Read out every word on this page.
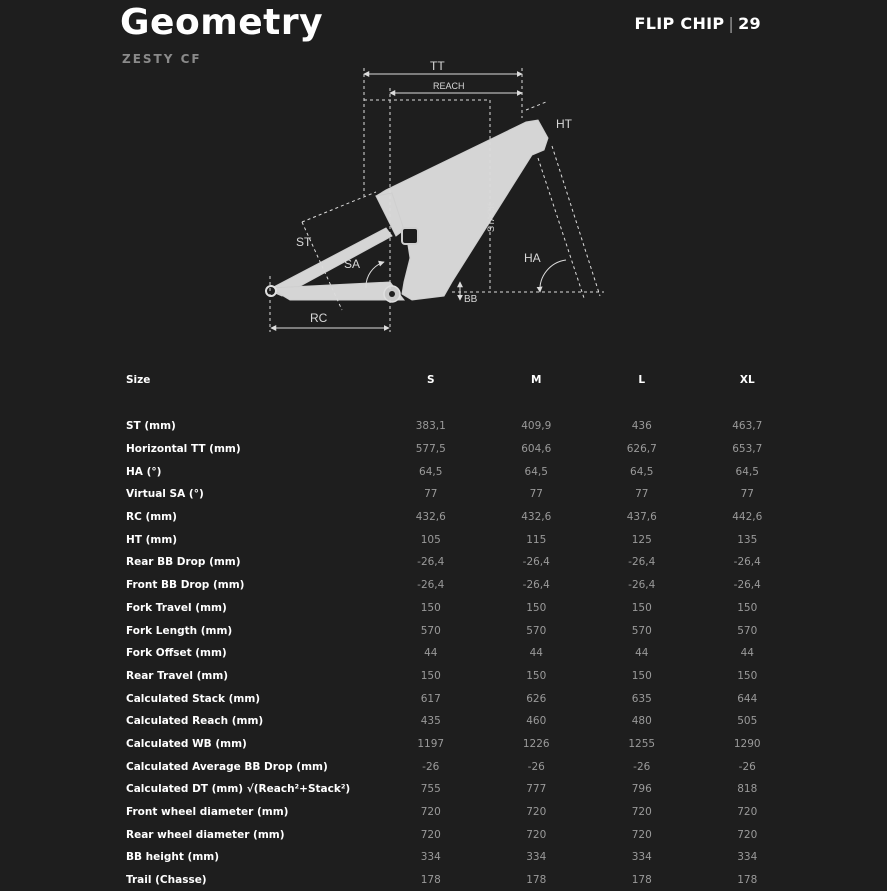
Geometry
ZESTY CF
FLIP CHIP | 29
TT
REACH
HT
STACK
ST
SA	HA
BB
RC
Size	S	M	L	XL

ST (mm)	383,1	409,9	436	463,7
Horizontal TT (mm)	577,5	604,6	626,7	653,7
HA (°)	64,5	64,5	64,5	64,5
Virtual SA (°)	77	77	77	77
RC (mm)	432,6	432,6	437,6	442,6
HT (mm)	105	115	125	135
Rear BB Drop (mm)	-26,4	-26,4	-26,4	-26,4
Front BB Drop (mm)	-26,4	-26,4	-26,4	-26,4
Fork Travel (mm)	150	150	150	150
Fork Length (mm)	570	570	570	570
Fork Offset (mm)	44	44	44	44
Rear Travel (mm)	150	150	150	150
Calculated Stack (mm)	617	626	635	644
Calculated Reach (mm)	435	460	480	505
Calculated WB (mm)	1197	1226	1255	1290
Calculated Average BB Drop (mm)	-26	-26	-26	-26
Calculated DT (mm) √(Reach²+Stack²)	755	777	796	818
Front wheel diameter (mm)	720	720	720	720
Rear wheel diameter (mm)	720	720	720	720
BB height (mm)	334	334	334	334
Trail (Chasse)	178	178	178	178
